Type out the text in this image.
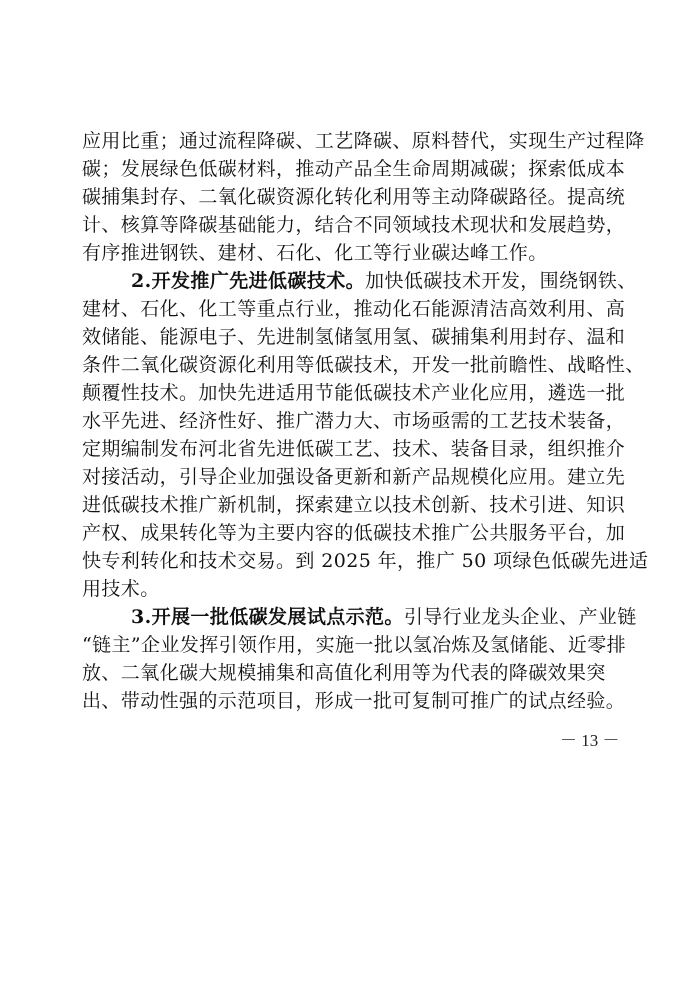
应用比重；通过流程降碳、工艺降碳、原料替代，实现生产过程降
碳；发展绿色低碳材料，推动产品全生命周期减碳；探索低成本
碳捕集封存、二氧化碳资源化转化利用等主动降碳路径。提高统
计、核算等降碳基础能力，结合不同领域技术现状和发展趋势，
有序推进钢铁、建材、石化、化工等行业碳达峰工作。
2.开发推广先进低碳技术。加快低碳技术开发，围绕钢铁、
建材、石化、化工等重点行业，推动化石能源清洁高效利用、高
效储能、能源电子、先进制氢储氢用氢、碳捕集利用封存、温和
条件二氧化碳资源化利用等低碳技术，开发一批前瞻性、战略性、
颠覆性技术。加快先进适用节能低碳技术产业化应用，遴选一批
水平先进、经济性好、推广潜力大、市场亟需的工艺技术装备，
定期编制发布河北省先进低碳工艺、技术、装备目录，组织推介
对接活动，引导企业加强设备更新和新产品规模化应用。建立先
进低碳技术推广新机制，探索建立以技术创新、技术引进、知识
产权、成果转化等为主要内容的低碳技术推广公共服务平台，加
快专利转化和技术交易。到 2025 年，推广 50 项绿色低碳先进适
用技术。
－ 13 －
3.开展一批低碳发展试点示范。引导行业龙头企业、产业链
“链主”企业发挥引领作用，实施一批以氢冶炼及氢储能、近零排
放、二氧化碳大规模捕集和高值化利用等为代表的降碳效果突
出、带动性强的示范项目，形成一批可复制可推广的试点经验。
